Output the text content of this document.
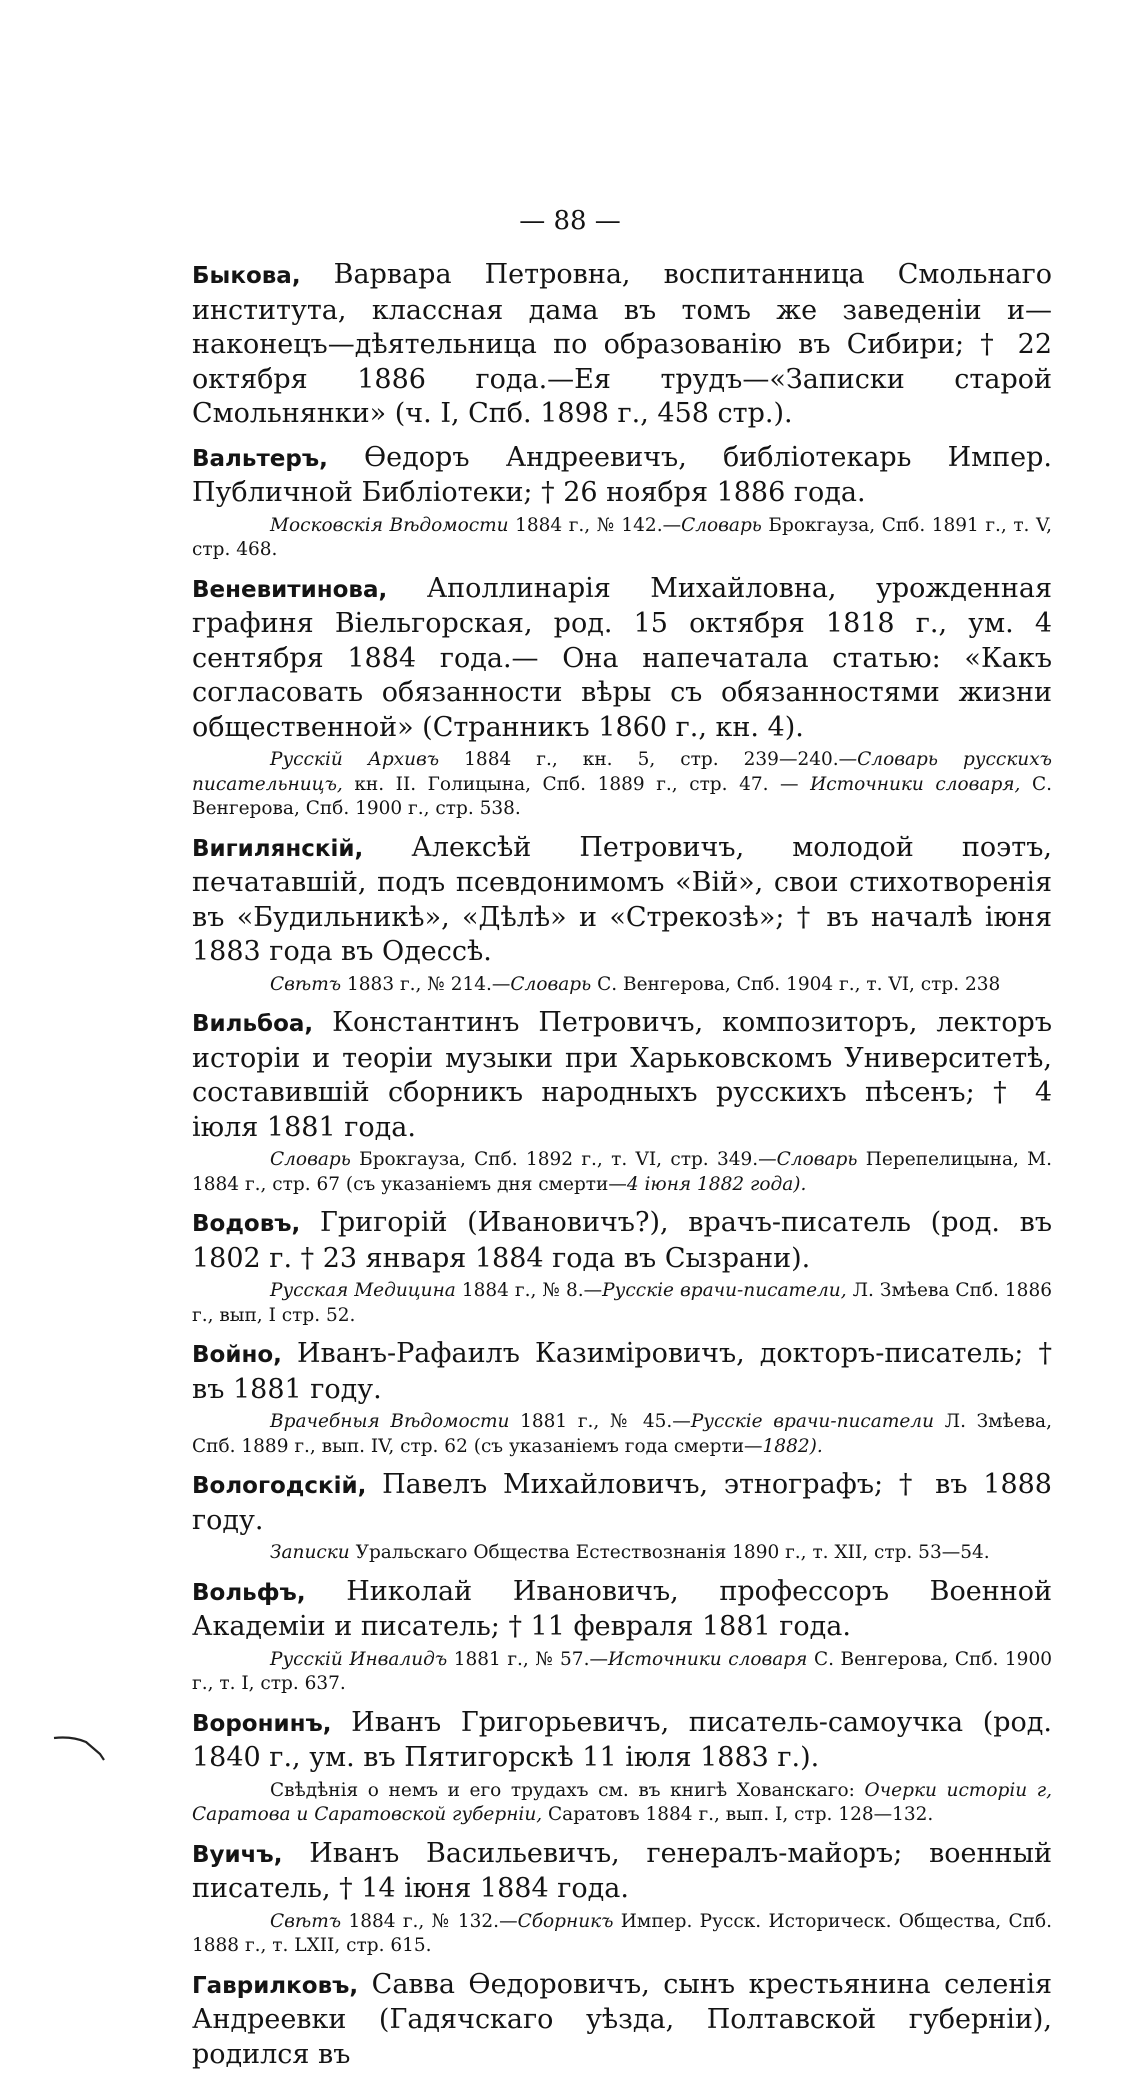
— 88 —
Быкова, Варвара Петровна, воспитанница Смольнаго института, классная дама въ томъ же заведеніи и—наконецъ—дѣятельница по образованію въ Сибири; † 22 октября 1886 года.—Ея трудъ—«Записки старой Смольнянки» (ч. I, Спб. 1898 г., 458 стр.).
Вальтеръ, Ѳедоръ Андреевичъ, библіотекарь Импер. Публичной Библіотеки; † 26 ноября 1886 года.
Московскія Вѣдомости 1884 г., № 142.—Словарь Брокгауза, Спб. 1891 г., т. V, стр. 468.
Веневитинова, Аполлинарія Михайловна, урожденная графиня Віельгорская, род. 15 октября 1818 г., ум. 4 сентября 1884 года.— Она напечатала статью: «Какъ согласовать обязанности вѣры съ обязанностями жизни общественной» (Странникъ 1860 г., кн. 4).
Русскій Архивъ 1884 г., кн. 5, стр. 239—240.—Словарь русскихъ писательницъ, кн. II. Голицына, Спб. 1889 г., стр. 47. — Источники словаря, С. Венгерова, Спб. 1900 г., стр. 538.
Вигилянскій, Алексѣй Петровичъ, молодой поэтъ, печатавшій, подъ псевдонимомъ «Вій», свои стихотворенія въ «Будильникѣ», «Дѣлѣ» и «Стрекозѣ»; † въ началѣ іюня 1883 года въ Одессѣ.
Свѣтъ 1883 г., № 214.—Словарь С. Венгерова, Спб. 1904 г., т. VI, стр. 238
Вильбоа, Константинъ Петровичъ, композиторъ, лекторъ исторіи и теоріи музыки при Харьковскомъ Университетѣ, составившій сборникъ народныхъ русскихъ пѣсенъ; † 4 іюля 1881 года.
Словарь Брокгауза, Спб. 1892 г., т. VI, стр. 349.—Словарь Перепелицына, М. 1884 г., стр. 67 (съ указаніемъ дня смерти—4 іюня 1882 года).
Водовъ, Григорій (Ивановичъ?), врачъ-писатель (род. въ 1802 г. † 23 января 1884 года въ Сызрани).
Русская Медицина 1884 г., № 8.—Русскіе врачи-писатели, Л. Змѣева Спб. 1886 г., вып, I стр. 52.
Войно, Иванъ-Рафаилъ Казиміровичъ, докторъ-писатель; † въ 1881 году.
Врачебныя Вѣдомости 1881 г., № 45.—Русскіе врачи-писатели Л. Змѣева, Спб. 1889 г., вып. IV, стр. 62 (съ указаніемъ года смерти—1882).
Вологодскій, Павелъ Михайловичъ, этнографъ; † въ 1888 году.
Записки Уральскаго Общества Естествознанія 1890 г., т. XII, стр. 53—54.
Вольфъ, Николай Ивановичъ, профессоръ Военной Академіи и писатель; † 11 февраля 1881 года.
Русскій Инвалидъ 1881 г., № 57.—Источники словаря С. Венгерова, Спб. 1900 г., т. I, стр. 637.
Воронинъ, Иванъ Григорьевичъ, писатель-самоучка (род. 1840 г., ум. въ Пятигорскѣ 11 іюля 1883 г.).
Свѣдѣнія о немъ и его трудахъ см. въ книгѣ Хованскаго: Очерки исторіи г, Саратова и Саратовской губерніи, Саратовъ 1884 г., вып. I, стр. 128—132.
Вуичъ, Иванъ Васильевичъ, генералъ-майоръ; военный писатель, † 14 іюня 1884 года.
Свѣтъ 1884 г., № 132.—Сборникъ Импер. Русск. Историческ. Общества, Спб. 1888 г., т. LXII, стр. 615.
Гаврилковъ, Савва Ѳедоровичъ, сынъ крестьянина селенія Андреевки (Гадячскаго уѣзда, Полтавской губерніи), родился въ
